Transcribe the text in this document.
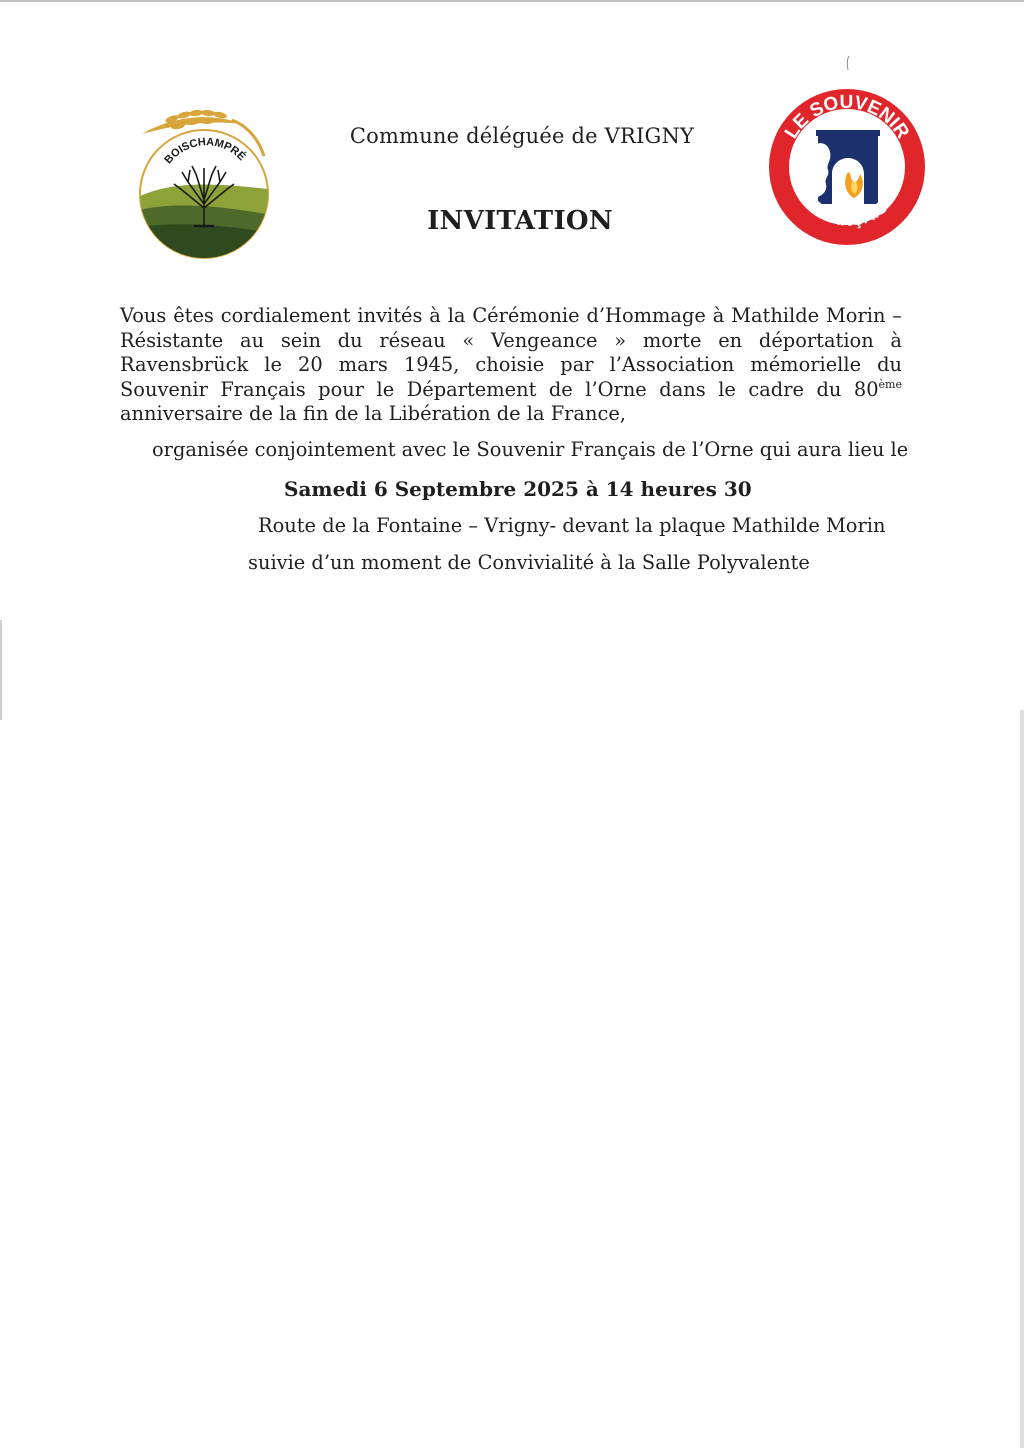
BOISCHAMPRÉ
LE SOUVENIR
FRANÇAIS
Commune déléguée de VRIGNY
INVITATION
Vous êtes cordialement invités à la Cérémonie d’Hommage à Mathilde Morin – Résistante au sein du réseau « Vengeance » morte en déportation à Ravensbrück le 20 mars 1945, choisie par l’Association mémorielle du Souvenir Français pour le Département de l’Orne dans le cadre du 80ème anniversaire de la fin de la Libération de la France,
organisée conjointement avec le Souvenir Français de l’Orne qui aura lieu le
Samedi 6 Septembre 2025 à 14 heures 30
Route de la Fontaine – Vrigny- devant la plaque Mathilde Morin
suivie d’un moment de Convivialité à la Salle Polyvalente
